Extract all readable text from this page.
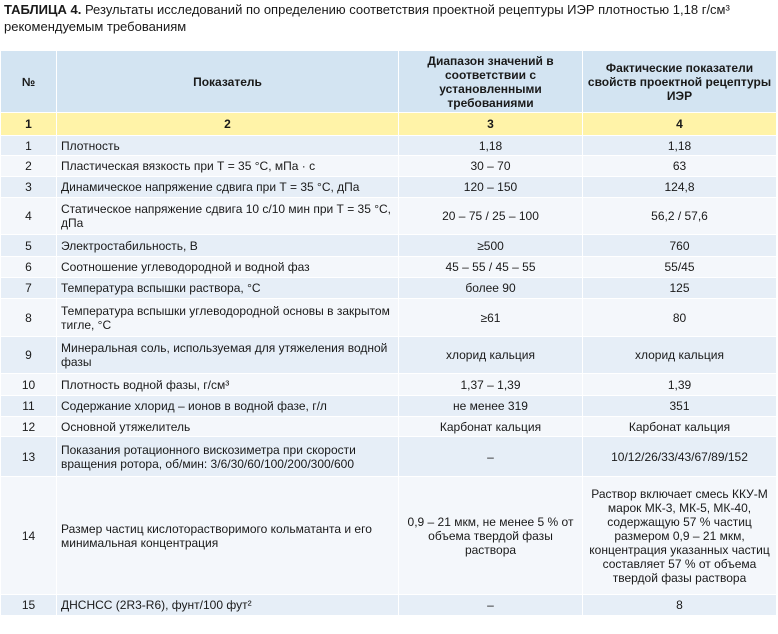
ТАБЛИЦА 4. Результаты исследований по определению соответствия проектной рецептуры ИЭР плотностью 1,18 г/см³ рекомендуемым требованиям
№	Показатель	Диапазон значений в соответствии с установленными требованиями	Фактические показатели свойств проектной рецептуры ИЭР
1	2	3	4
1	Плотность	1,18	1,18
2	Пластическая вязкость при Т = 35 °С, мПа · с	30 – 70	63
3	Динамическое напряжение сдвига при Т = 35 °С, дПа	120 – 150	124,8
4	Статическое напряжение сдвига 10 с/10 мин при Т = 35 °С, дПа	20 – 75 / 25 – 100	56,2 / 57,6
5	Электростабильность, В	≥500	760
6	Соотношение углеводородной и водной фаз	45 – 55 / 45 – 55	55/45
7	Температура вспышки раствора, °С	более 90	125
8	Температура вспышки углеводородной основы в закрытом тигле, °С	≥61	80
9	Минеральная соль, используемая для утяжеления водной фазы	хлорид кальция	хлорид кальция
10	Плотность водной фазы, г/см³	1,37 – 1,39	1,39
11	Содержание хлорид – ионов в водной фазе, г/л	не менее 319	351
12	Основной утяжелитель	Карбонат кальция	Карбонат кальция
13	Показания ротационного вискозиметра при скорости вращения ротора, об/мин: 3/6/30/60/100/200/300/600	–	10/12/26/33/43/67/89/152
14	Размер частиц кислоторастворимого кольматанта и его минимальная концентрация	0,9 – 21 мкм, не менее 5 % от объема твердой фазы раствора	Раствор включает смесь ККУ-М марок МК-3, МК-5, МК-40, содержащую 57 % частиц размером 0,9 – 21 мкм, концентрация указанных частиц составляет 57 % от объема твердой фазы раствора
15	ДНСНСС (2R3-R6), фунт/100 фут²	–	8
